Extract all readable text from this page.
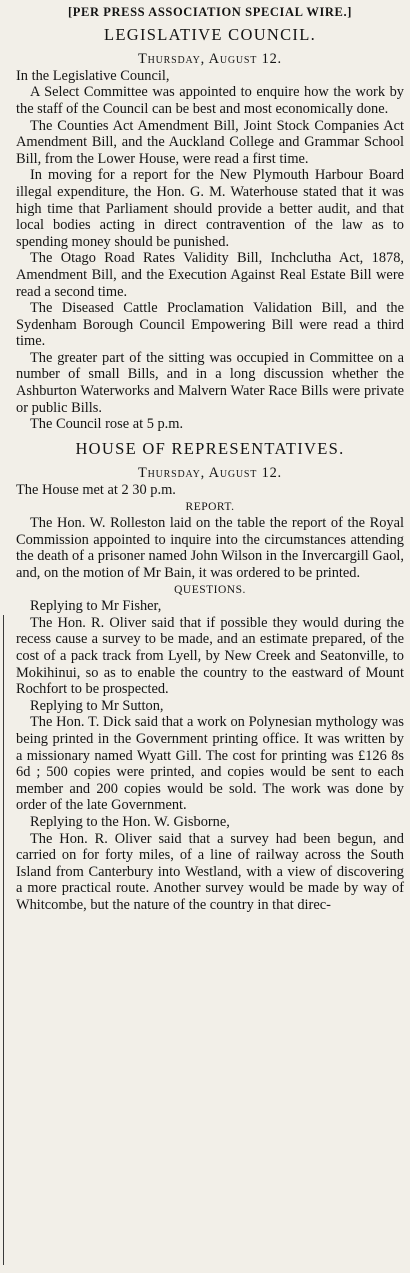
[PER PRESS ASSOCIATION SPECIAL WIRE.]
LEGISLATIVE COUNCIL.
Thursday, August 12.

In the Legislative Council,

A Select Committee was appointed to enquire how the work by the staff of the Council can be best and most economically done.

The Counties Act Amendment Bill, Joint Stock Companies Act Amendment Bill, and the Auckland College and Grammar School Bill, from the Lower House, were read a first time.

In moving for a report for the New Plymouth Harbour Board illegal expenditure, the Hon. G. M. Waterhouse stated that it was high time that Parliament should provide a better audit, and that local bodies acting in direct contravention of the law as to spending money should be punished.

The Otago Road Rates Validity Bill, Inchclutha Act, 1878, Amendment Bill, and the Execution Against Real Estate Bill were read a second time.

The Diseased Cattle Proclamation Validation Bill, and the Sydenham Borough Council Empowering Bill were read a third time.

The greater part of the sitting was occupied in Committee on a number of small Bills, and in a long discussion whether the Ashburton Waterworks and Malvern Water Race Bills were private or public Bills.

The Council rose at 5 p.m.

HOUSE OF REPRESENTATIVES.
Thursday, August 12.

The House met at 2 30 p.m.

REPORT.

The Hon. W. Rolleston laid on the table the report of the Royal Commission appointed to inquire into the circumstances attending the death of a prisoner named John Wilson in the Invercargill Gaol, and, on the motion of Mr Bain, it was ordered to be printed.

QUESTIONS.

Replying to Mr Fisher,

The Hon. R. Oliver said that if possible they would during the recess cause a survey to be made, and an estimate prepared, of the cost of a pack track from Lyell, by New Creek and Seatonville, to Mokihinui, so as to enable the country to the eastward of Mount Rochfort to be prospected.

Replying to Mr Sutton,

The Hon. T. Dick said that a work on Polynesian mythology was being printed in the Government printing office. It was written by a missionary named Wyatt Gill. The cost for printing was £126 8s 6d ; 500 copies were printed, and copies would be sent to each member and 200 copies would be sold. The work was done by order of the late Government.

Replying to the Hon. W. Gisborne,

The Hon. R. Oliver said that a survey had been begun, and carried on for forty miles, of a line of railway across the South Island from Canterbury into Westland, with a view of discovering a more practical route. Another survey would be made by way of Whitcombe, but the nature of the country in that direc-
